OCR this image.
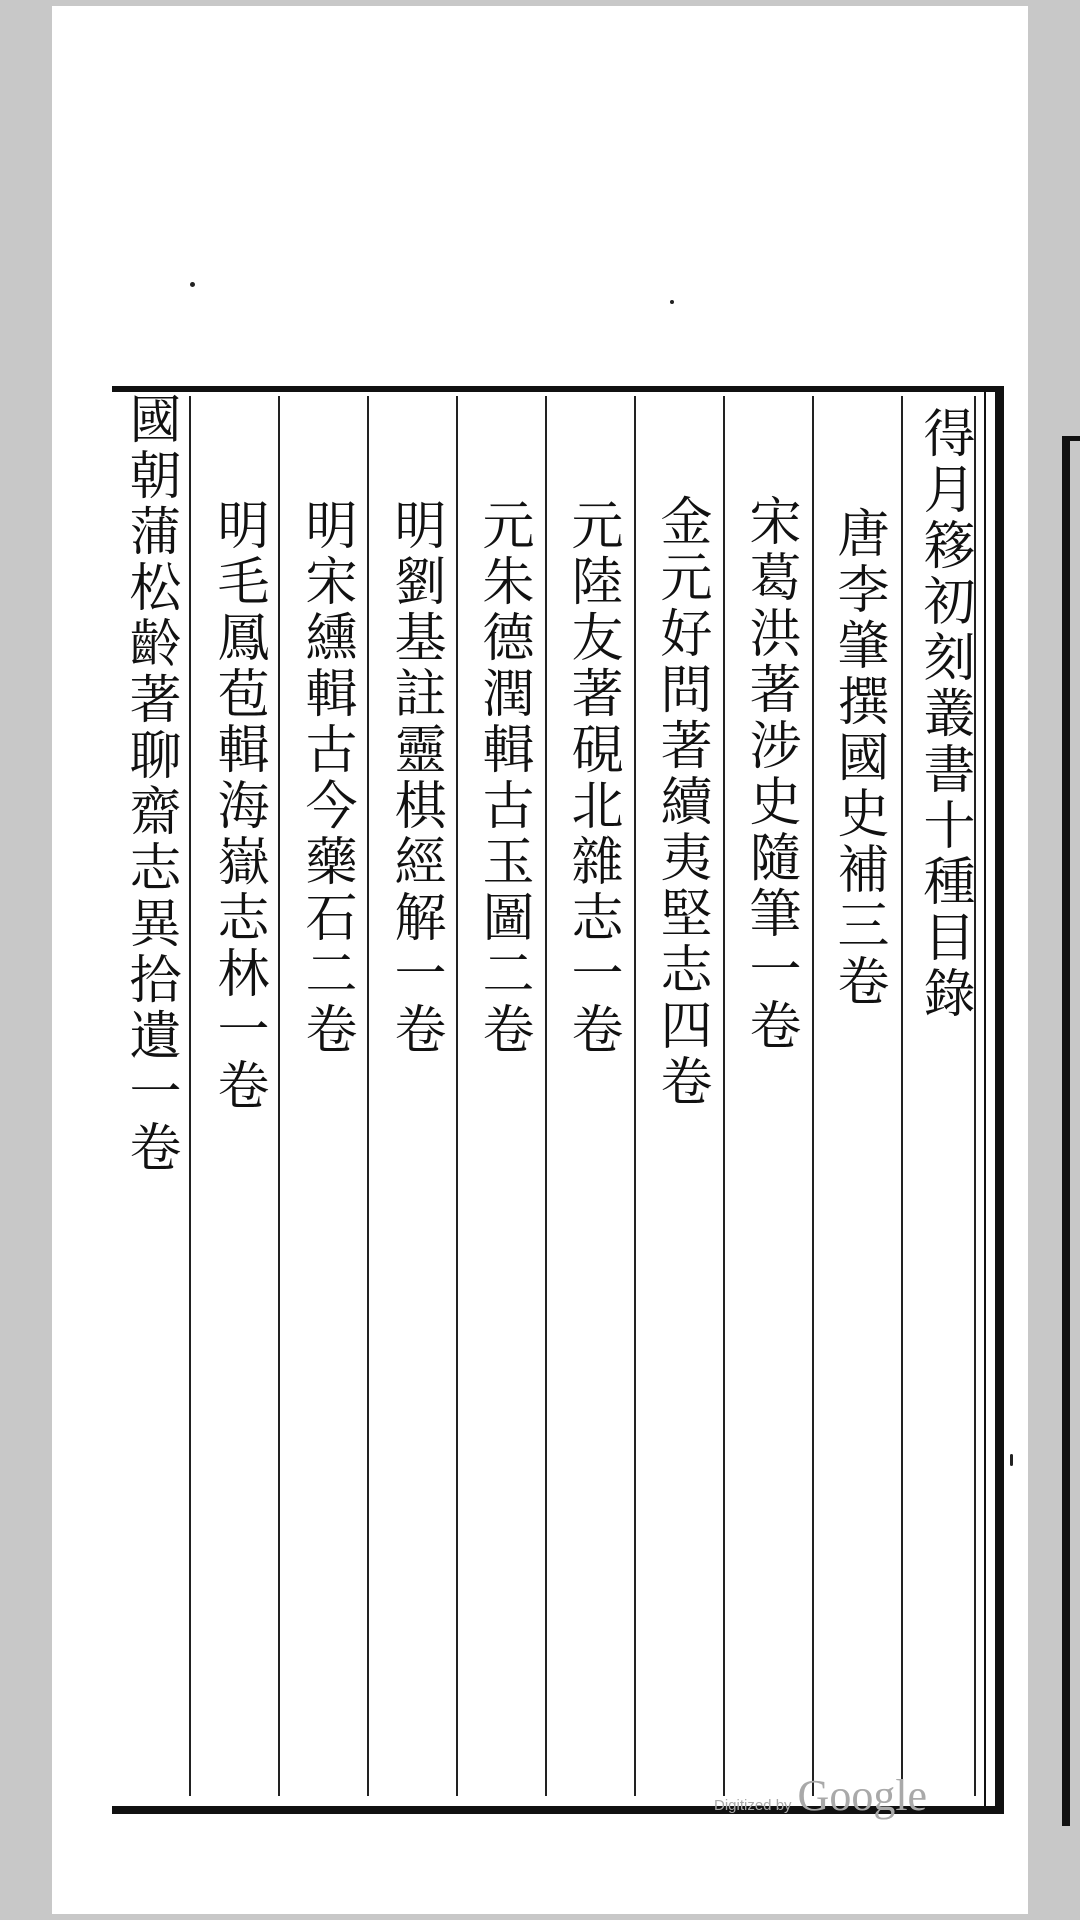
得月簃初刻叢書十種目錄
唐李肇撰國史補三卷
宋葛洪著涉史隨筆一卷
金元好問著續夷堅志四卷
元陸友著硯北雜志一卷
元朱德潤輯古玉圖二卷
明劉基註靈棋經解一卷
明宋纁輯古今藥石二卷
明毛鳳苞輯海嶽志林一卷
國朝蒲松齡著聊齋志異拾遺一卷
Digitized by Google
